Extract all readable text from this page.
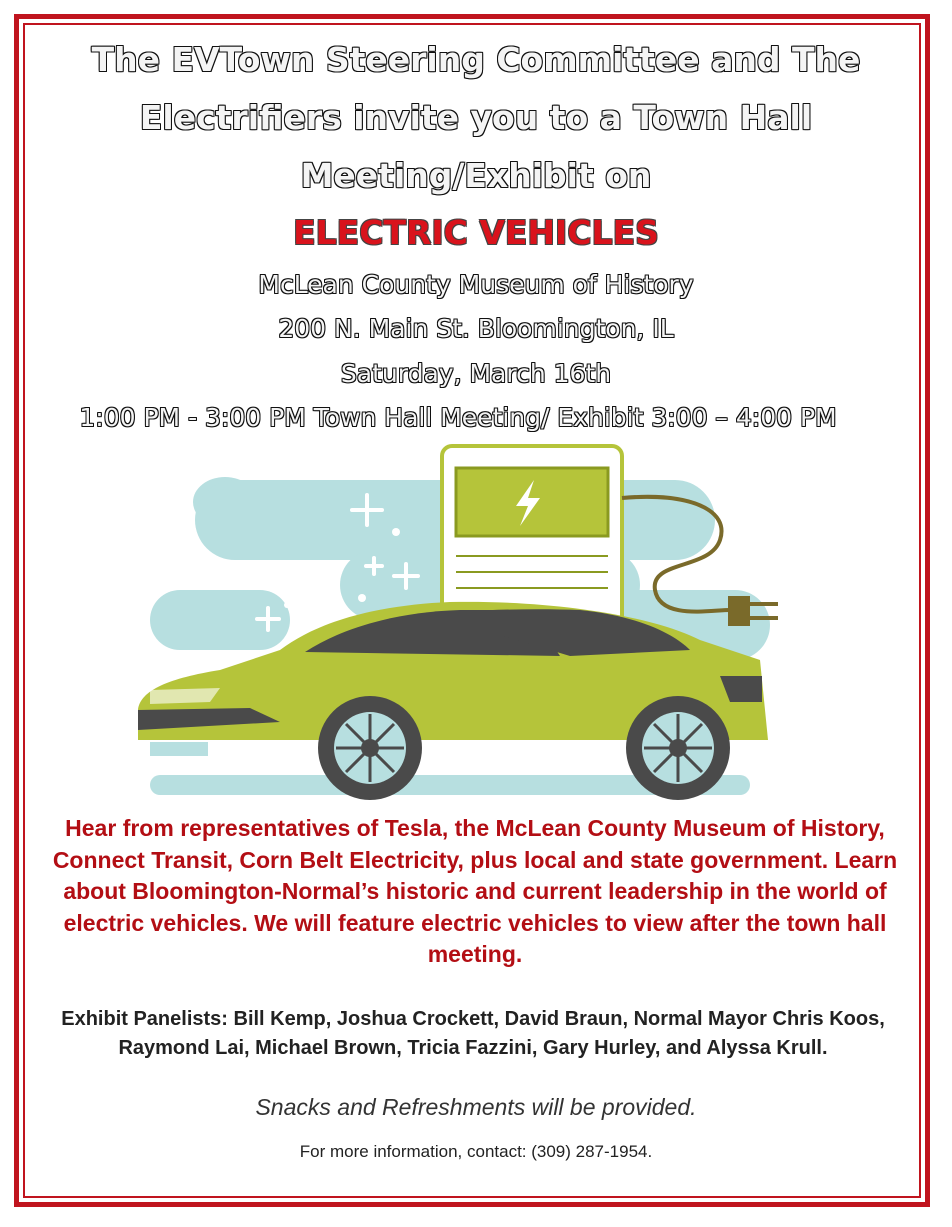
The EVTown Steering Committee and The
Electrifiers invite you to a Town Hall
Meeting/Exhibit on
ELECTRIC VEHICLES
McLean County Museum of History
200 N. Main St. Bloomington, IL
Saturday, March 16th
1:00 PM - 3:00 PM Town Hall Meeting/ Exhibit 3:00 – 4:00 PM
Hear from representatives of Tesla, the McLean County Museum of History, Connect Transit, Corn Belt Electricity, plus local and state government. Learn about Bloomington-Normal’s historic and current leadership in the world of electric vehicles. We will feature electric vehicles to view after the town hall meeting.
Exhibit Panelists: Bill Kemp, Joshua Crockett, David Braun, Normal Mayor Chris Koos, Raymond Lai, Michael Brown, Tricia Fazzini, Gary Hurley, and Alyssa Krull.
Snacks and Refreshments will be provided.
For more information, contact: (309) 287-1954.
